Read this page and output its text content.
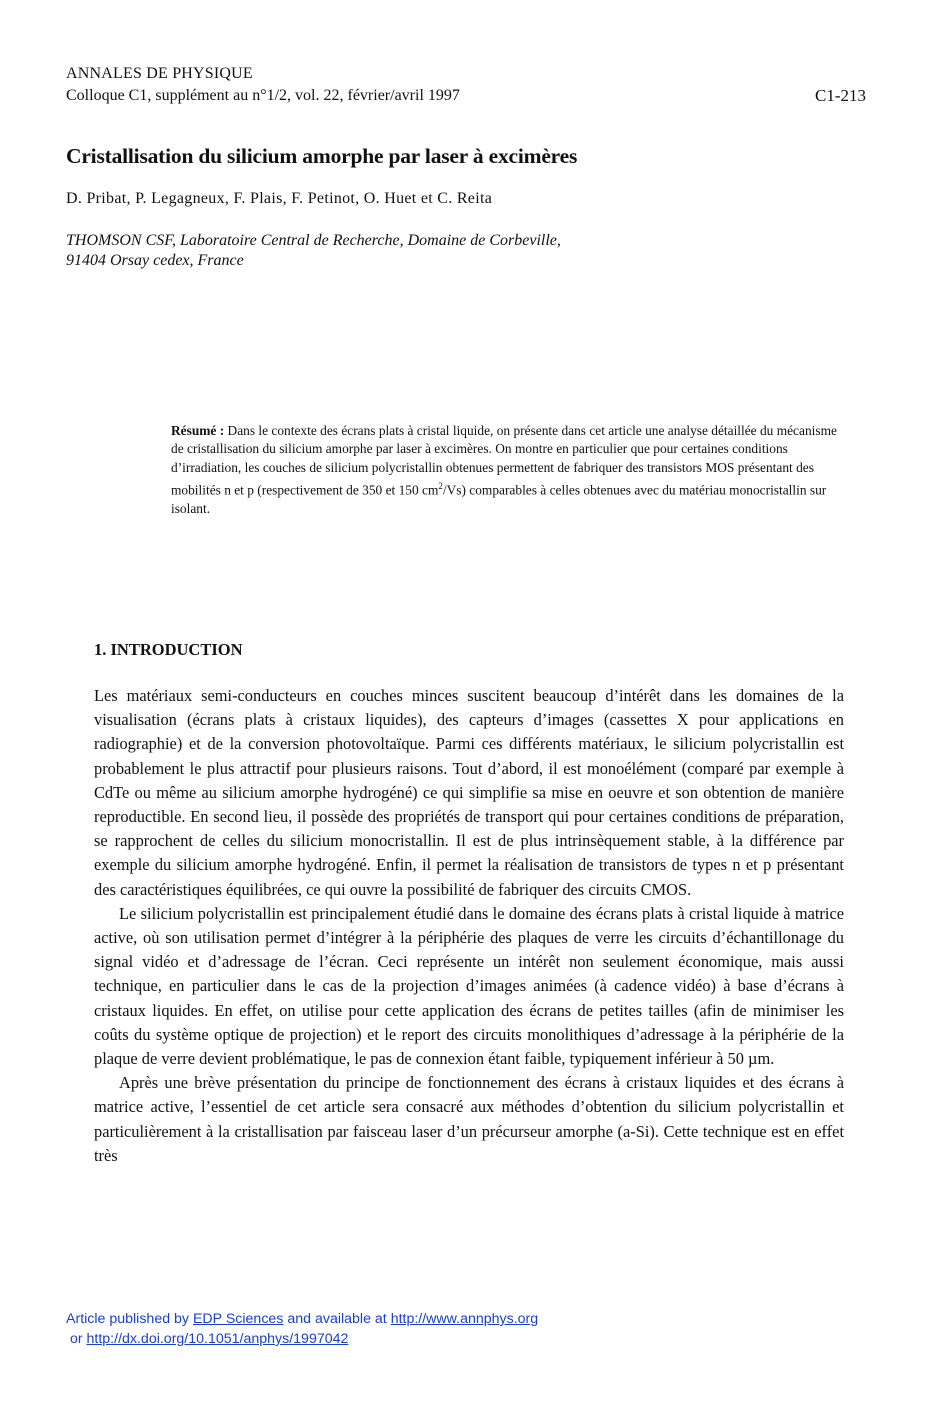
ANNALES DE PHYSIQUE
Colloque C1, supplément au n°1/2, vol. 22, février/avril 1997	C1-213
Cristallisation du silicium amorphe par laser à excimères
D. Pribat, P. Legagneux, F. Plais, F. Petinot, O. Huet et C. Reita
THOMSON CSF, Laboratoire Central de Recherche, Domaine de Corbeville,
91404 Orsay cedex, France
Résumé : Dans le contexte des écrans plats à cristal liquide, on présente dans cet article une analyse détaillée du mécanisme de cristallisation du silicium amorphe par laser à excimères. On montre en particulier que pour certaines conditions d’irradiation, les couches de silicium polycristallin obtenues permettent de fabriquer des transistors MOS présentant des mobilités n et p (respectivement de 350 et 150 $cm^2/Vs$) comparables à celles obtenues avec du matériau monocristallin sur isolant.
1. INTRODUCTION

Les matériaux semi-conducteurs en couches minces suscitent beaucoup d’intérêt dans les domaines de la visualisation (écrans plats à cristaux liquides), des capteurs d’images (cassettes X pour applications en radiographie) et de la conversion photovoltaïque. Parmi ces différents matériaux, le silicium polycristallin est probablement le plus attractif pour plusieurs raisons. Tout d’abord, il est monoélément (comparé par exemple à CdTe ou même au silicium amorphe hydrogéné) ce qui simplifie sa mise en oeuvre et son obtention de manière reproductible. En second lieu, il possède des propriétés de transport qui pour certaines conditions de préparation, se rapprochent de celles du silicium monocristallin. Il est de plus intrinsèquement stable, à la différence par exemple du silicium amorphe hydrogéné. Enfin, il permet la réalisation de transistors de types n et p présentant des caractéristiques équilibrées, ce qui ouvre la possibilité de fabriquer des circuits CMOS.

Le silicium polycristallin est principalement étudié dans le domaine des écrans plats à cristal liquide à matrice active, où son utilisation permet d’intégrer à la périphérie des plaques de verre les circuits d’échantillonage du signal vidéo et d’adressage de l’écran. Ceci représente un intérêt non seulement économique, mais aussi technique, en particulier dans le cas de la projection d’images animées (à cadence vidéo) à base d’écrans à cristaux liquides. En effet, on utilise pour cette application des écrans de petites tailles (afin de minimiser les coûts du système optique de projection) et le report des circuits monolithiques d’adressage à la périphérie de la plaque de verre devient problématique, le pas de connexion étant faible, typiquement inférieur à 50 µm.

Après une brève présentation du principe de fonctionnement des écrans à cristaux liquides et des écrans à matrice active, l’essentiel de cet article sera consacré aux méthodes d’obtention du silicium polycristallin et particulièrement à la cristallisation par faisceau laser d’un précurseur amorphe (a-Si). Cette technique est en effet très

Article published by EDP Sciences and available at http://www.annphys.org
or http://dx.doi.org/10.1051/anphys/1997042
